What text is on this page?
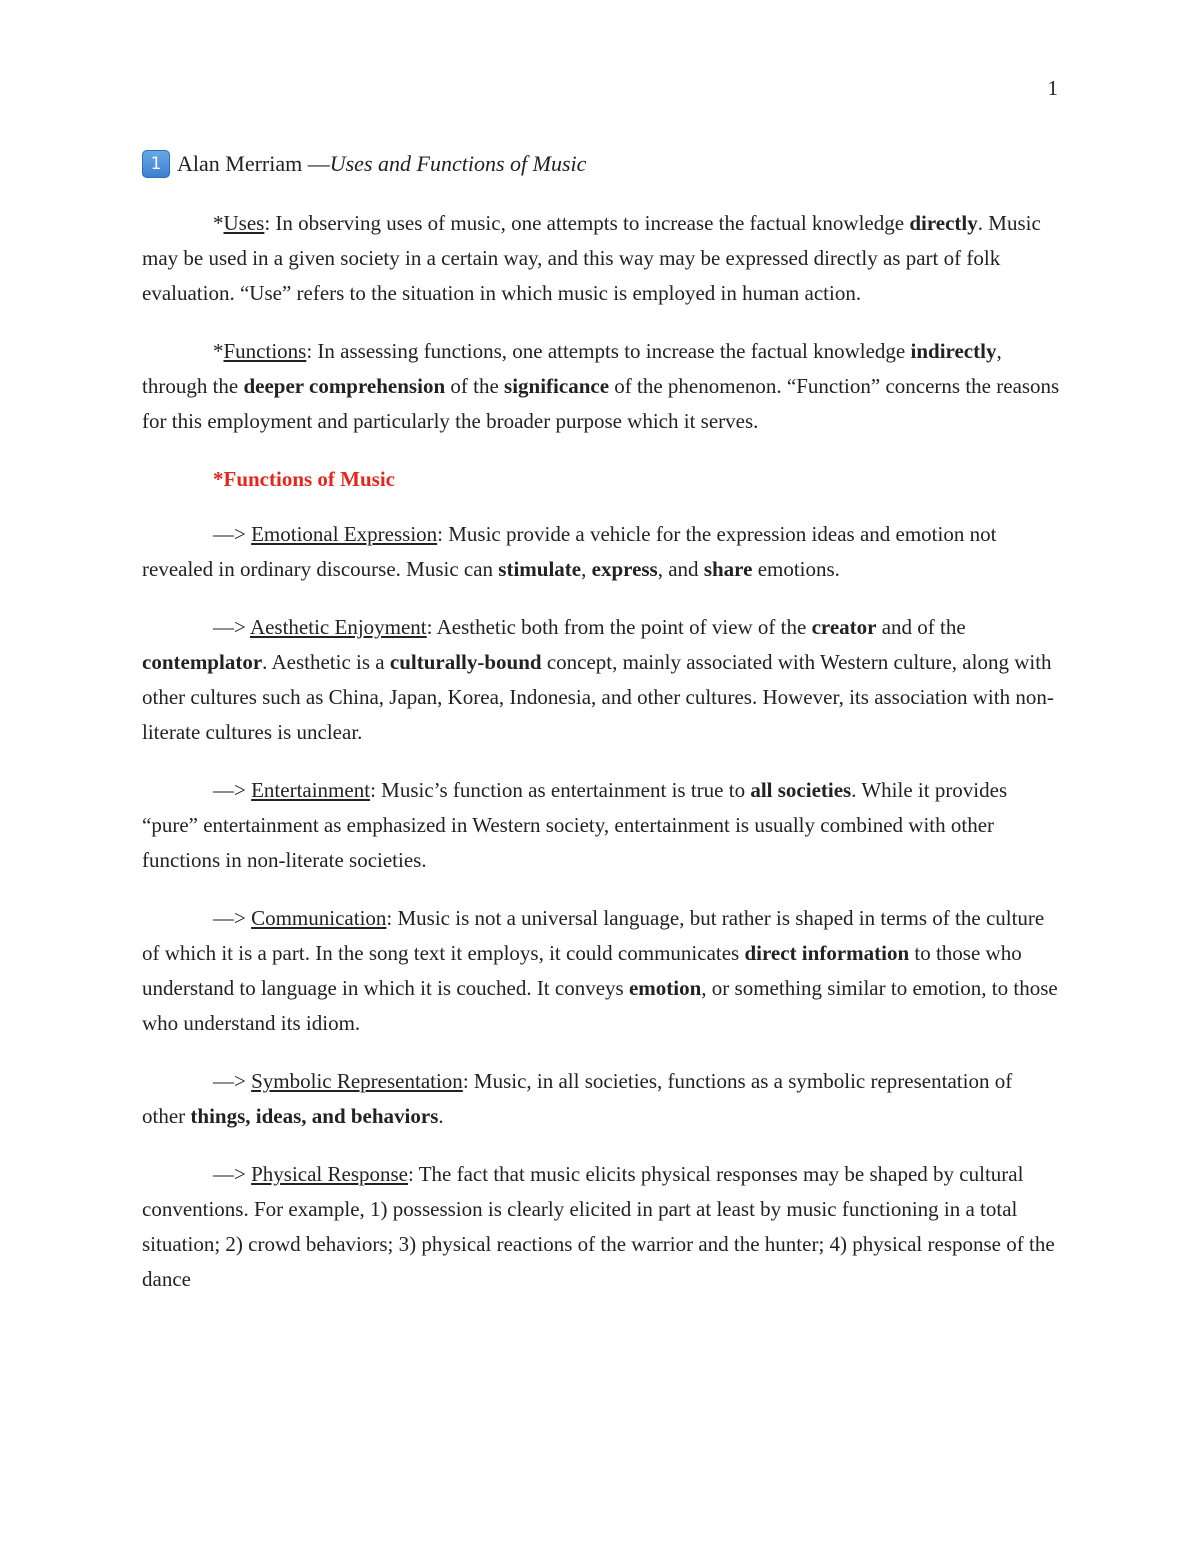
1
1 Alan Merriam — Uses and Functions of Music

*Uses: In observing uses of music, one attempts to increase the factual knowledge directly. Music may be used in a given society in a certain way, and this way may be expressed directly as part of folk evaluation. “Use” refers to the situation in which music is employed in human action.

*Functions: In assessing functions, one attempts to increase the factual knowledge indirectly, through the deeper comprehension of the significance of the phenomenon. “Function” concerns the reasons for this employment and particularly the broader purpose which it serves.

*Functions of Music

—> Emotional Expression: Music provide a vehicle for the expression ideas and emotion not revealed in ordinary discourse. Music can stimulate, express, and share emotions.

—> Aesthetic Enjoyment: Aesthetic both from the point of view of the creator and of the contemplator. Aesthetic is a culturally-bound concept, mainly associated with Western culture, along with other cultures such as China, Japan, Korea, Indonesia, and other cultures. However, its association with non-literate cultures is unclear.

—> Entertainment: Music’s function as entertainment is true to all societies. While it provides “pure” entertainment as emphasized in Western society, entertainment is usually combined with other functions in non-literate societies.

—> Communication: Music is not a universal language, but rather is shaped in terms of the culture of which it is a part. In the song text it employs, it could communicates direct information to those who understand to language in which it is couched. It conveys emotion, or something similar to emotion, to those who understand its idiom.

—> Symbolic Representation: Music, in all societies, functions as a symbolic representation of other things, ideas, and behaviors.

—> Physical Response: The fact that music elicits physical responses may be shaped by cultural conventions. For example, 1) possession is clearly elicited in part at least by music functioning in a total situation; 2) crowd behaviors; 3) physical reactions of the warrior and the hunter; 4) physical response of the dance
